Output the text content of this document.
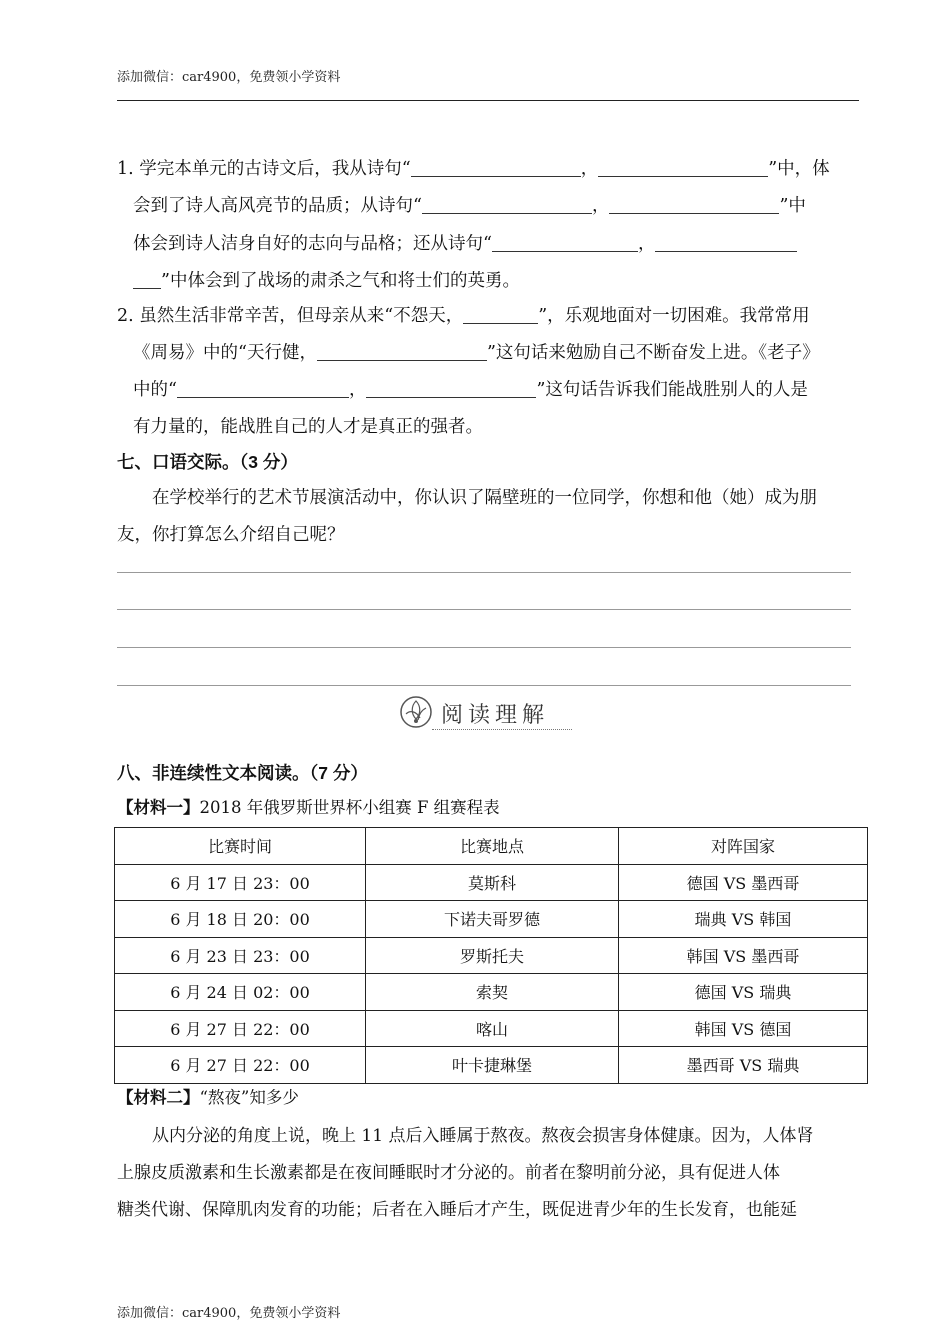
添加微信：car4900，免费领小学资料
1. 学完本单元的古诗文后，我从诗句“	，	”中，体
会到了诗人高风亮节的品质；从诗句“	，	”中
体会到诗人洁身自好的志向与品格；还从诗句“	，
”中体会到了战场的肃杀之气和将士们的英勇。
2. 虽然生活非常辛苦，但母亲从来“不怨天，	”，乐观地面对一切困难。我常常用
《周易》中的“天行健，	”这句话来勉励自己不断奋发上进。《老子》
中的“	，	”这句话告诉我们能战胜别人的人是
有力量的，能战胜自己的人才是真正的强者。
七、口语交际。（3 分）
在学校举行的艺术节展演活动中，你认识了隔壁班的一位同学，你想和他（她）成为朋
友，你打算怎么介绍自己呢？
阅读理解
八、非连续性文本阅读。（7 分）
【材料一】2018 年俄罗斯世界杯小组赛 F 组赛程表
比赛时间	比赛地点	对阵国家
6 月 17 日 23：00	莫斯科	德国 VS 墨西哥
6 月 18 日 20：00	下诺夫哥罗德	瑞典 VS 韩国
6 月 23 日 23：00	罗斯托夫	韩国 VS 墨西哥
6 月 24 日 02：00	索契	德国 VS 瑞典
6 月 27 日 22：00	喀山	韩国 VS 德国
6 月 27 日 22：00	叶卡捷琳堡	墨西哥 VS 瑞典
【材料二】“熬夜”知多少
从内分泌的角度上说，晚上 11 点后入睡属于熬夜。熬夜会损害身体健康。因为，人体肾
上腺皮质激素和生长激素都是在夜间睡眠时才分泌的。前者在黎明前分泌，具有促进人体
糖类代谢、保障肌肉发育的功能；后者在入睡后才产生，既促进青少年的生长发育，也能延
添加微信：car4900，免费领小学资料
